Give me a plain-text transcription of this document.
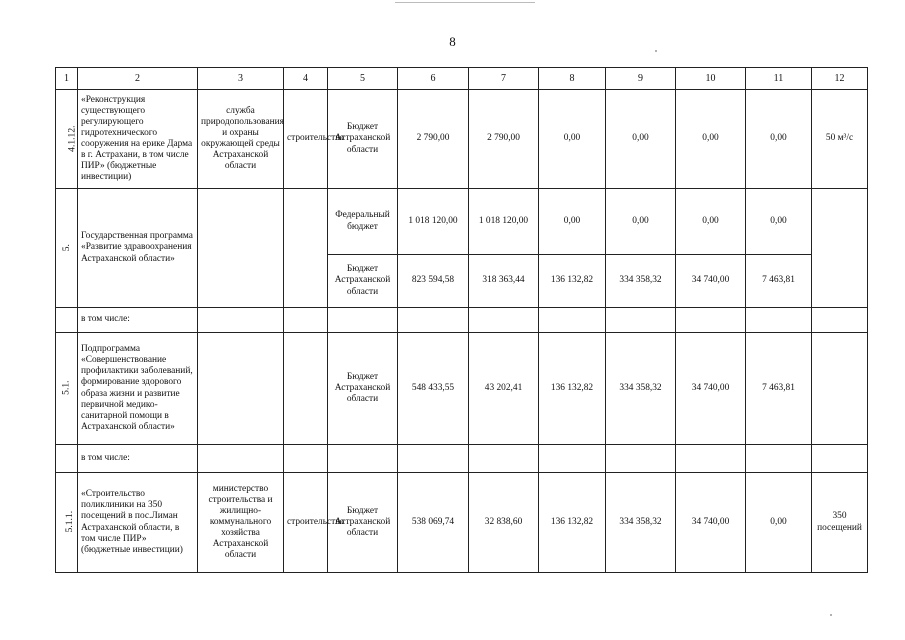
8
1	2	3	4	5	6	7	8	9	10	11	12
4.1.12.	«Реконструкция существующего регулирующего гидротехнического сооружения на ерике Дарма в г. Астрахани, в том числе ПИР» (бюджетные инвестиции)	служба природопользования и охраны окружающей среды Астраханской области	строительство	Бюджет Астраханской области	2 790,00	2 790,00	0,00	0,00	0,00	0,00	50 м³/с
5.	Государственная программа «Развитие здравоохранения Астраханской области»			Федеральный бюджет	1 018 120,00	1 018 120,00	0,00	0,00	0,00	0,00	
				Бюджет Астраханской области	823 594,58	318 363,44	136 132,82	334 358,32	34 740,00	7 463,81	
	в том числе:										
5.1.	Подпрограмма «Совершенствование профилактики заболеваний, формирование здорового образа жизни и развитие первичной медико-санитарной помощи в Астраханской области»			Бюджет Астраханской области	548 433,55	43 202,41	136 132,82	334 358,32	34 740,00	7 463,81	
	в том числе:										
5.1.1.	«Строительство поликлиники на 350 посещений в пос.Лиман Астраханской области, в том числе ПИР» (бюджетные инвестиции)	министерство строительства и жилищно-коммунального хозяйства Астраханской области	строительство	Бюджет Астраханской области	538 069,74	32 838,60	136 132,82	334 358,32	34 740,00	0,00	350 посещений
